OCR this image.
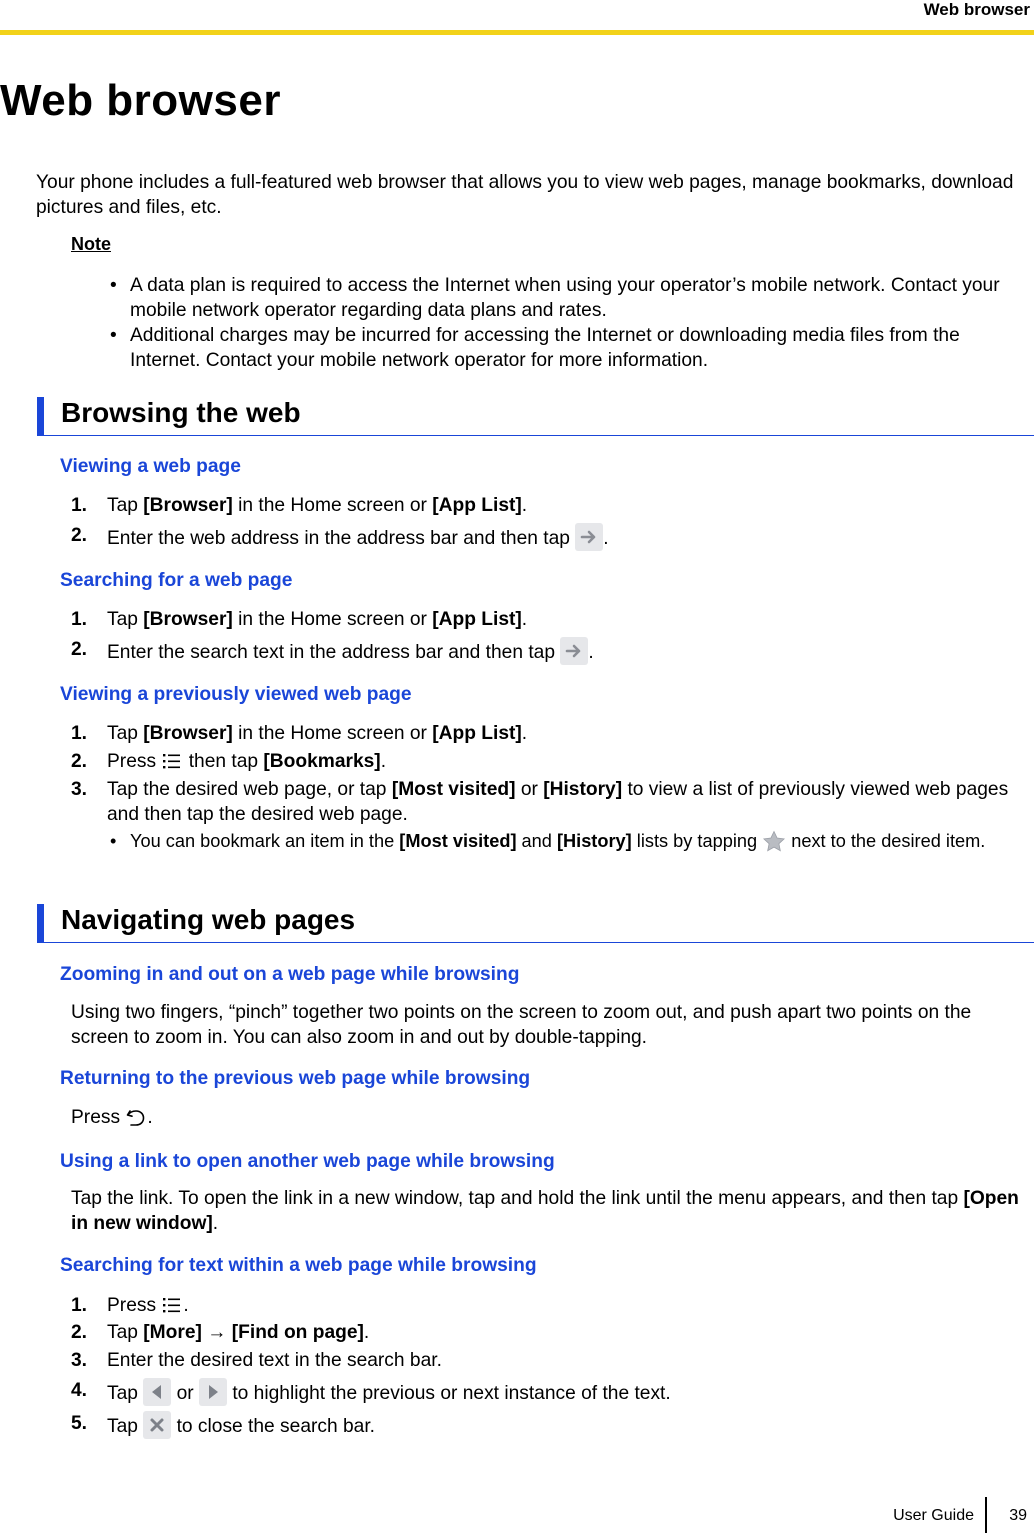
Web browser
Web browser
Your phone includes a full-featured web browser that allows you to view web pages, manage bookmarks, download pictures and files, etc.
Note
• A data plan is required to access the Internet when using your operator’s mobile network. Contact your mobile network operator regarding data plans and rates.
• Additional charges may be incurred for accessing the Internet or downloading media files from the Internet. Contact your mobile network operator for more information.
Browsing the web
Viewing a web page
1. Tap [Browser] in the Home screen or [App List].
2. Enter the web address in the address bar and then tap
.
Searching for a web page
1. Tap [Browser] in the Home screen or [App List].
2. Enter the search text in the address bar and then tap
.
Viewing a previously viewed web page
1. Tap [Browser] in the Home screen or [App List].
2. Press
then tap [Bookmarks].
3. Tap the desired web page, or tap [Most visited] or [History] to view a list of previously viewed web pages and then tap the desired web page.
• You can bookmark an item in the [Most visited] and [History] lists by tapping
next to the desired item.
Navigating web pages
Zooming in and out on a web page while browsing
Using two fingers, “pinch” together two points on the screen to zoom out, and push apart two points on the screen to zoom in. You can also zoom in and out by double-tapping.
Returning to the previous web page while browsing
Press
.
Using a link to open another web page while browsing
Tap the link. To open the link in a new window, tap and hold the link until the menu appears, and then tap [Open in new window].
Searching for text within a web page while browsing
1. Press
.
2. Tap [More] → [Find on page].
3. Enter the desired text in the search bar.
4. Tap
or
to highlight the previous or next instance of the text.
5. Tap
to close the search bar.
User Guide 39
